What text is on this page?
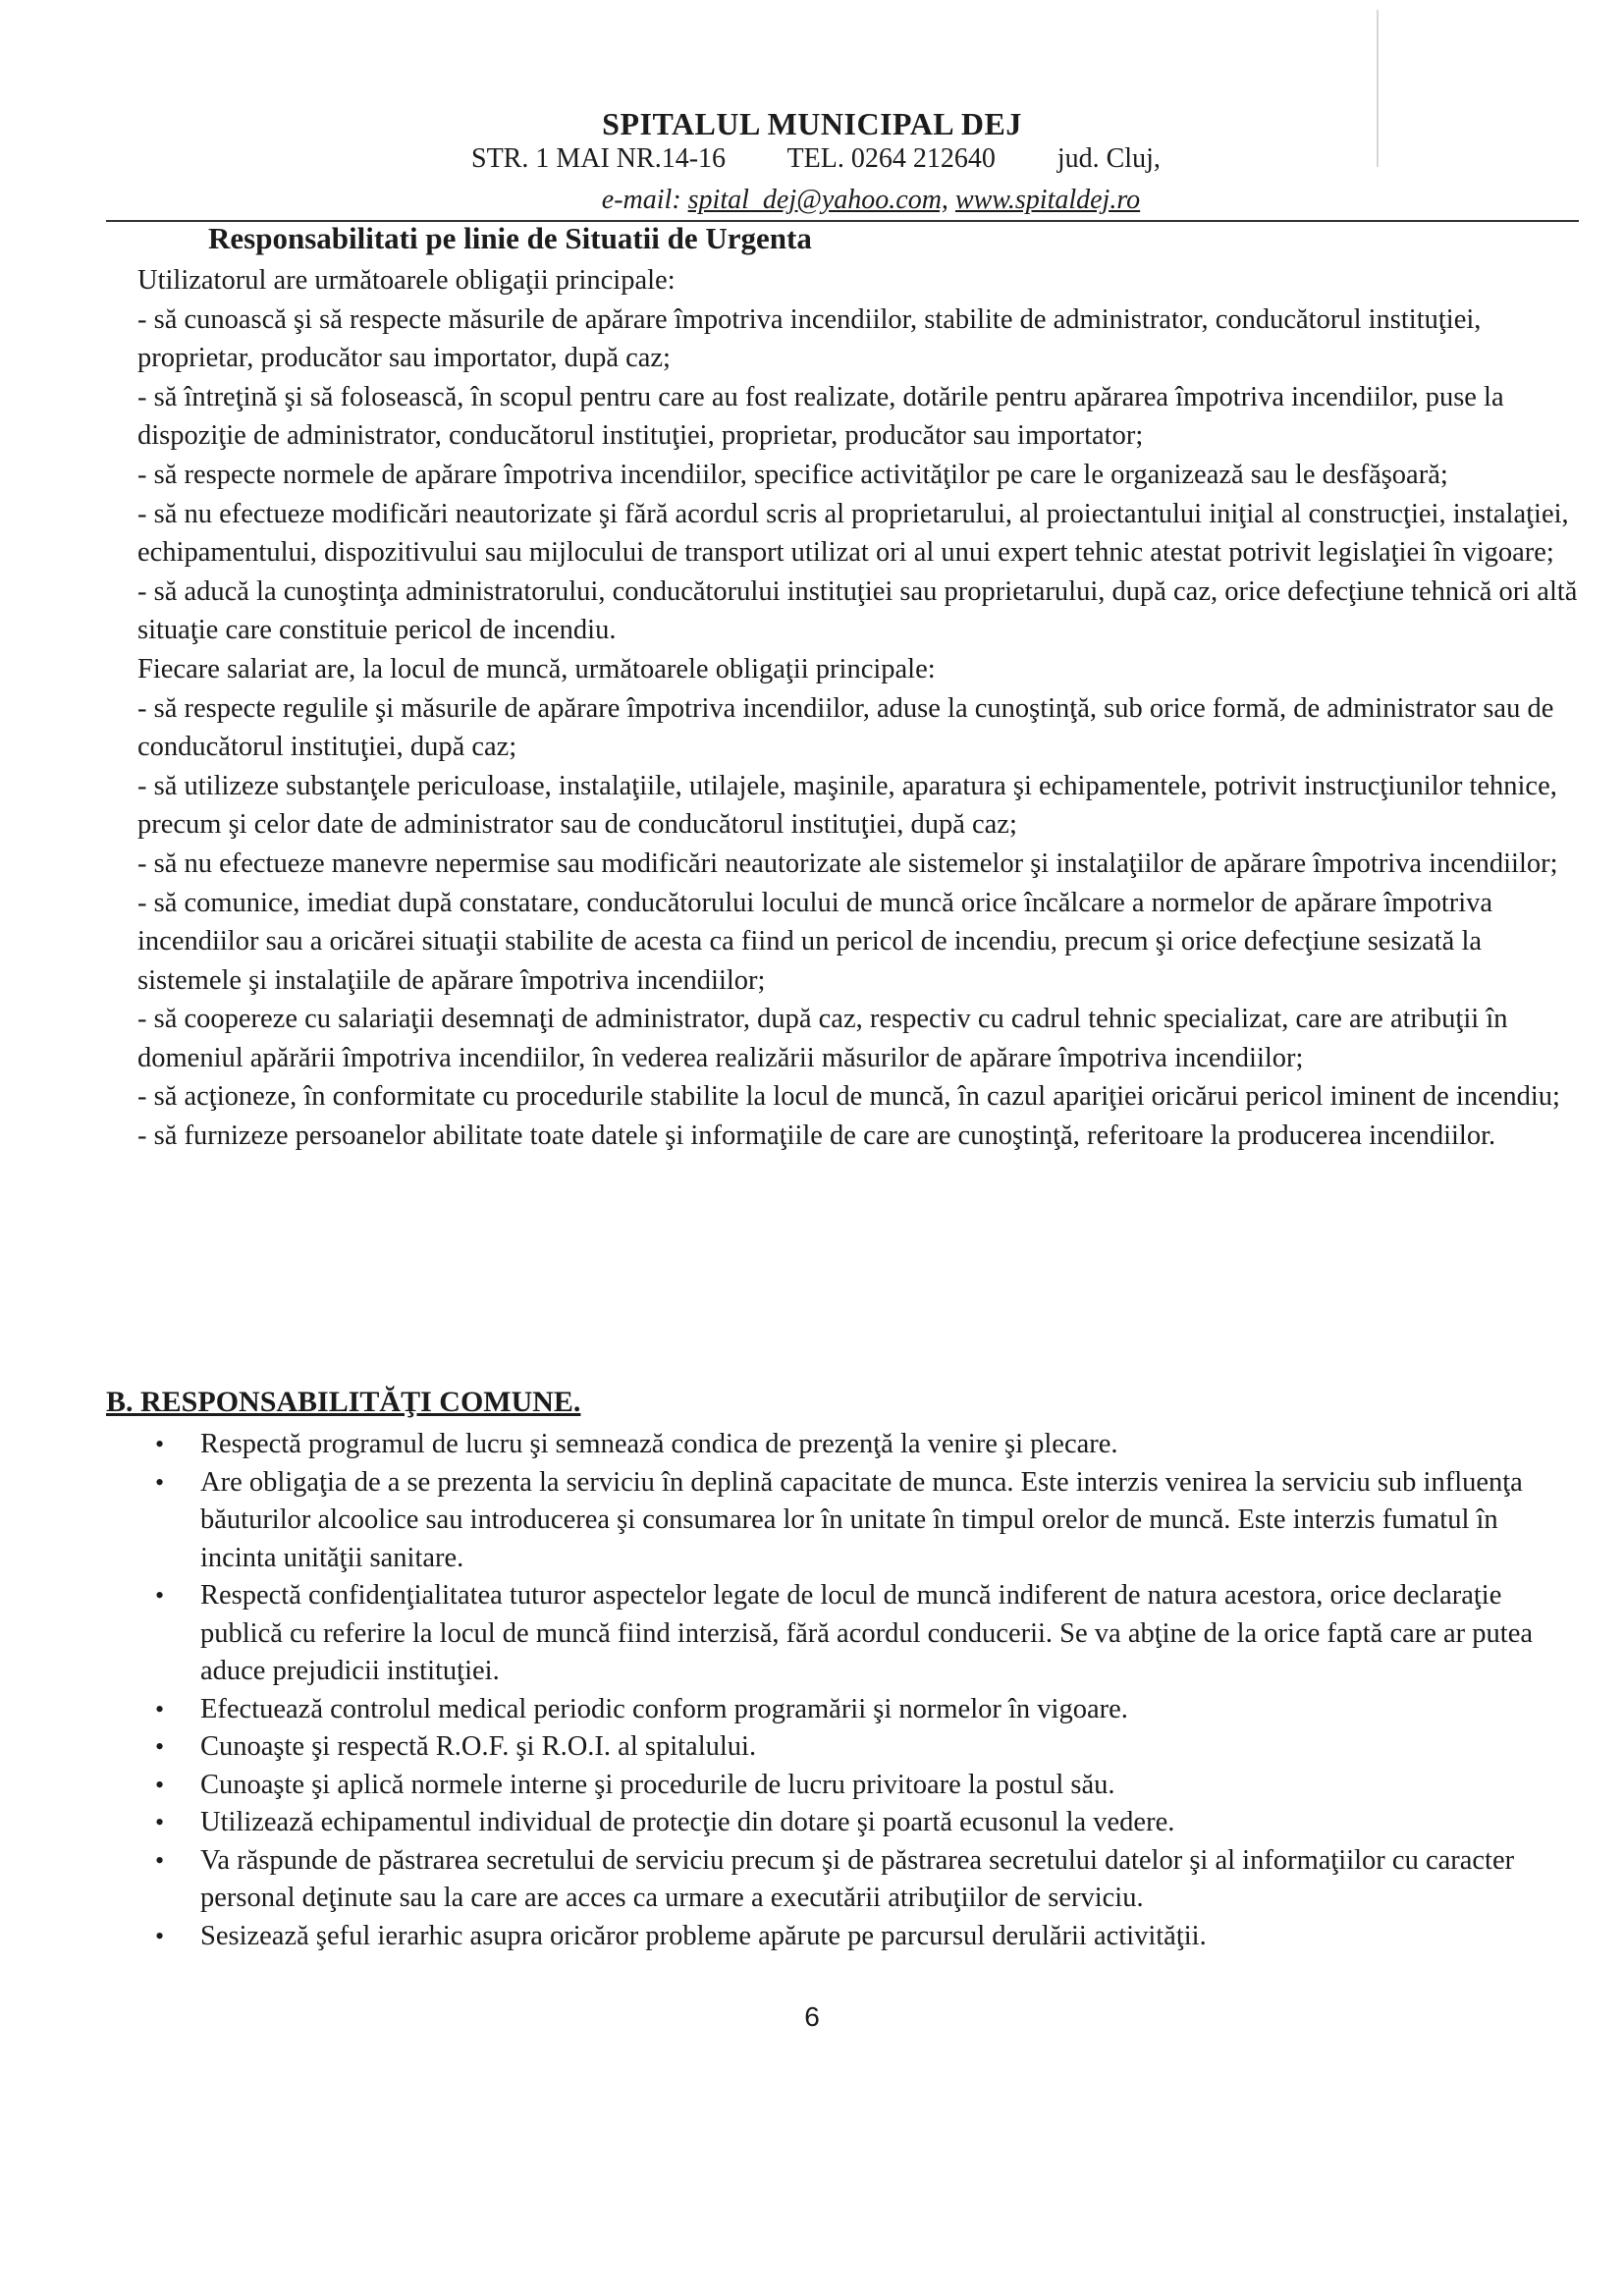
SPITALUL MUNICIPAL DEJ
STR. 1 MAI NR.14-16 TEL. 0264 212640 jud. Cluj,
e-mail: spital_dej@yahoo.com, www.spitaldej.ro
Responsabilitati pe linie de Situatii de Urgenta

Utilizatorul are următoarele obligaţii principale:

- să cunoască şi să respecte măsurile de apărare împotriva incendiilor, stabilite de administrator, conducătorul instituţiei, proprietar, producător sau importator, după caz;

- să întreţină şi să folosească, în scopul pentru care au fost realizate, dotările pentru apărarea împotriva incendiilor, puse la dispoziţie de administrator, conducătorul instituţiei, proprietar, producător sau importator;

- să respecte normele de apărare împotriva incendiilor, specifice activităţilor pe care le organizează sau le desfăşoară;

- să nu efectueze modificări neautorizate şi fără acordul scris al proprietarului, al proiectantului iniţial al construcţiei, instalaţiei, echipamentului, dispozitivului sau mijlocului de transport utilizat ori al unui expert tehnic atestat potrivit legislaţiei în vigoare;

- să aducă la cunoştinţa administratorului, conducătorului instituţiei sau proprietarului, după caz, orice defecţiune tehnică ori altă situaţie care constituie pericol de incendiu.

Fiecare salariat are, la locul de muncă, următoarele obligaţii principale:

- să respecte regulile şi măsurile de apărare împotriva incendiilor, aduse la cunoştinţă, sub orice formă, de administrator sau de conducătorul instituţiei, după caz;

- să utilizeze substanţele periculoase, instalaţiile, utilajele, maşinile, aparatura şi echipamentele, potrivit instrucţiunilor tehnice, precum şi celor date de administrator sau de conducătorul instituţiei, după caz;

- să nu efectueze manevre nepermise sau modificări neautorizate ale sistemelor şi instalaţiilor de apărare împotriva incendiilor;

- să comunice, imediat după constatare, conducătorului locului de muncă orice încălcare a normelor de apărare împotriva incendiilor sau a oricărei situaţii stabilite de acesta ca fiind un pericol de incendiu, precum şi orice defecţiune sesizată la sistemele şi instalaţiile de apărare împotriva incendiilor;

- să coopereze cu salariaţii desemnaţi de administrator, după caz, respectiv cu cadrul tehnic specializat, care are atribuţii în domeniul apărării împotriva incendiilor, în vederea realizării măsurilor de apărare împotriva incendiilor;

- să acţioneze, în conformitate cu procedurile stabilite la locul de muncă, în cazul apariţiei oricărui pericol iminent de incendiu;

- să furnizeze persoanelor abilitate toate datele şi informaţiile de care are cunoştinţă, referitoare la producerea incendiilor.

B. RESPONSABILITĂŢI COMUNE.
• Respectă programul de lucru şi semnează condica de prezenţă la venire şi plecare.
• Are obligaţia de a se prezenta la serviciu în deplină capacitate de munca. Este interzis venirea la serviciu sub influenţa băuturilor alcoolice sau introducerea şi consumarea lor în unitate în timpul orelor de muncă. Este interzis fumatul în incinta unităţii sanitare.
• Respectă confidenţialitatea tuturor aspectelor legate de locul de muncă indiferent de natura acestora, orice declaraţie publică cu referire la locul de muncă fiind interzisă, fără acordul conducerii. Se va abţine de la orice faptă care ar putea aduce prejudicii instituţiei.
• Efectuează controlul medical periodic conform programării şi normelor în vigoare.
• Cunoaşte şi respectă R.O.F. şi R.O.I. al spitalului.
• Cunoaşte şi aplică normele interne şi procedurile de lucru privitoare la postul său.
• Utilizează echipamentul individual de protecţie din dotare şi poartă ecusonul la vedere.
• Va răspunde de păstrarea secretului de serviciu precum şi de păstrarea secretului datelor şi al informaţiilor cu caracter personal deţinute sau la care are acces ca urmare a executării atribuţiilor de serviciu.
• Sesizează şeful ierarhic asupra oricăror probleme apărute pe parcursul derulării activităţii.
6
